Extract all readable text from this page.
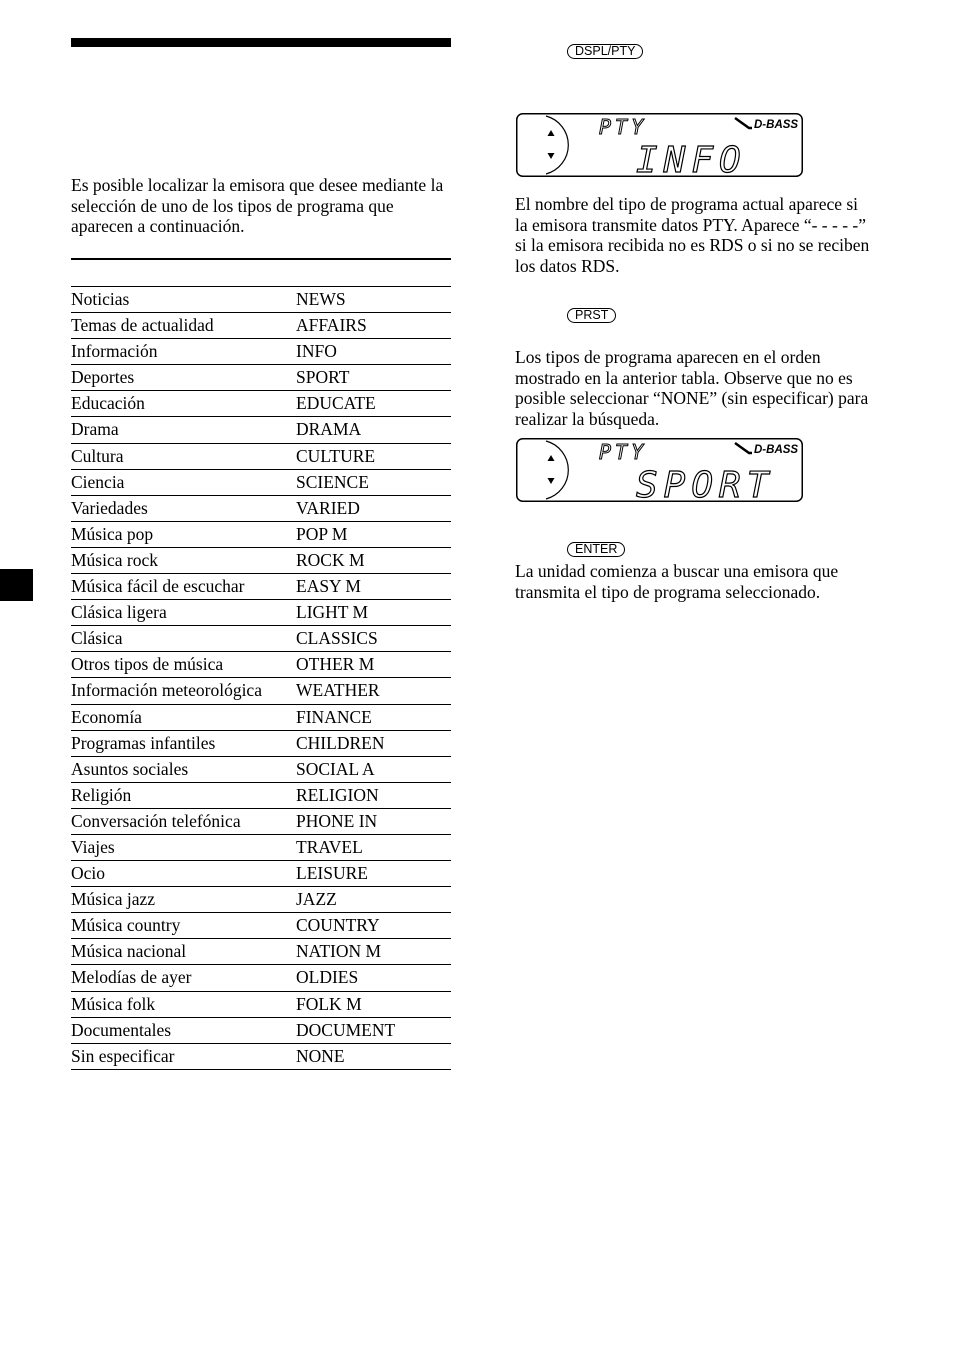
Es posible localizar la emisora que desee mediante la selección de uno de los tipos de programa que aparecen a continuación.

Noticias	NEWS
Temas de actualidad	AFFAIRS
Información	INFO
Deportes	SPORT
Educación	EDUCATE
Drama	DRAMA
Cultura	CULTURE
Ciencia	SCIENCE
Variedades	VARIED
Música pop	POP M
Música rock	ROCK M
Música fácil de escuchar	EASY M
Clásica ligera	LIGHT M
Clásica	CLASSICS
Otros tipos de música	OTHER M
Información meteorológica	WEATHER
Economía	FINANCE
Programas infantiles	CHILDREN
Asuntos sociales	SOCIAL A
Religión	RELIGION
Conversación telefónica	PHONE IN
Viajes	TRAVEL
Ocio	LEISURE
Música jazz	JAZZ
Música country	COUNTRY
Música nacional	NATION M
Melodías de ayer	OLDIES
Música folk	FOLK M
Documentales	DOCUMENT
Sin especificar	NONE
DSPL/PTY
D-BASS
PTY
INFO

El nombre del tipo de programa actual aparece si la emisora transmite datos PTY. Aparece “- - - - -” si la emisora recibida no es RDS o si no se reciben los datos RDS.

PRST

Los tipos de programa aparecen en el orden mostrado en la anterior tabla. Observe que no es posible seleccionar “NONE” (sin especificar) para realizar la búsqueda.

D-BASS
PTY
SPORT
ENTER

La unidad comienza a buscar una emisora que transmita el tipo de programa seleccionado.
